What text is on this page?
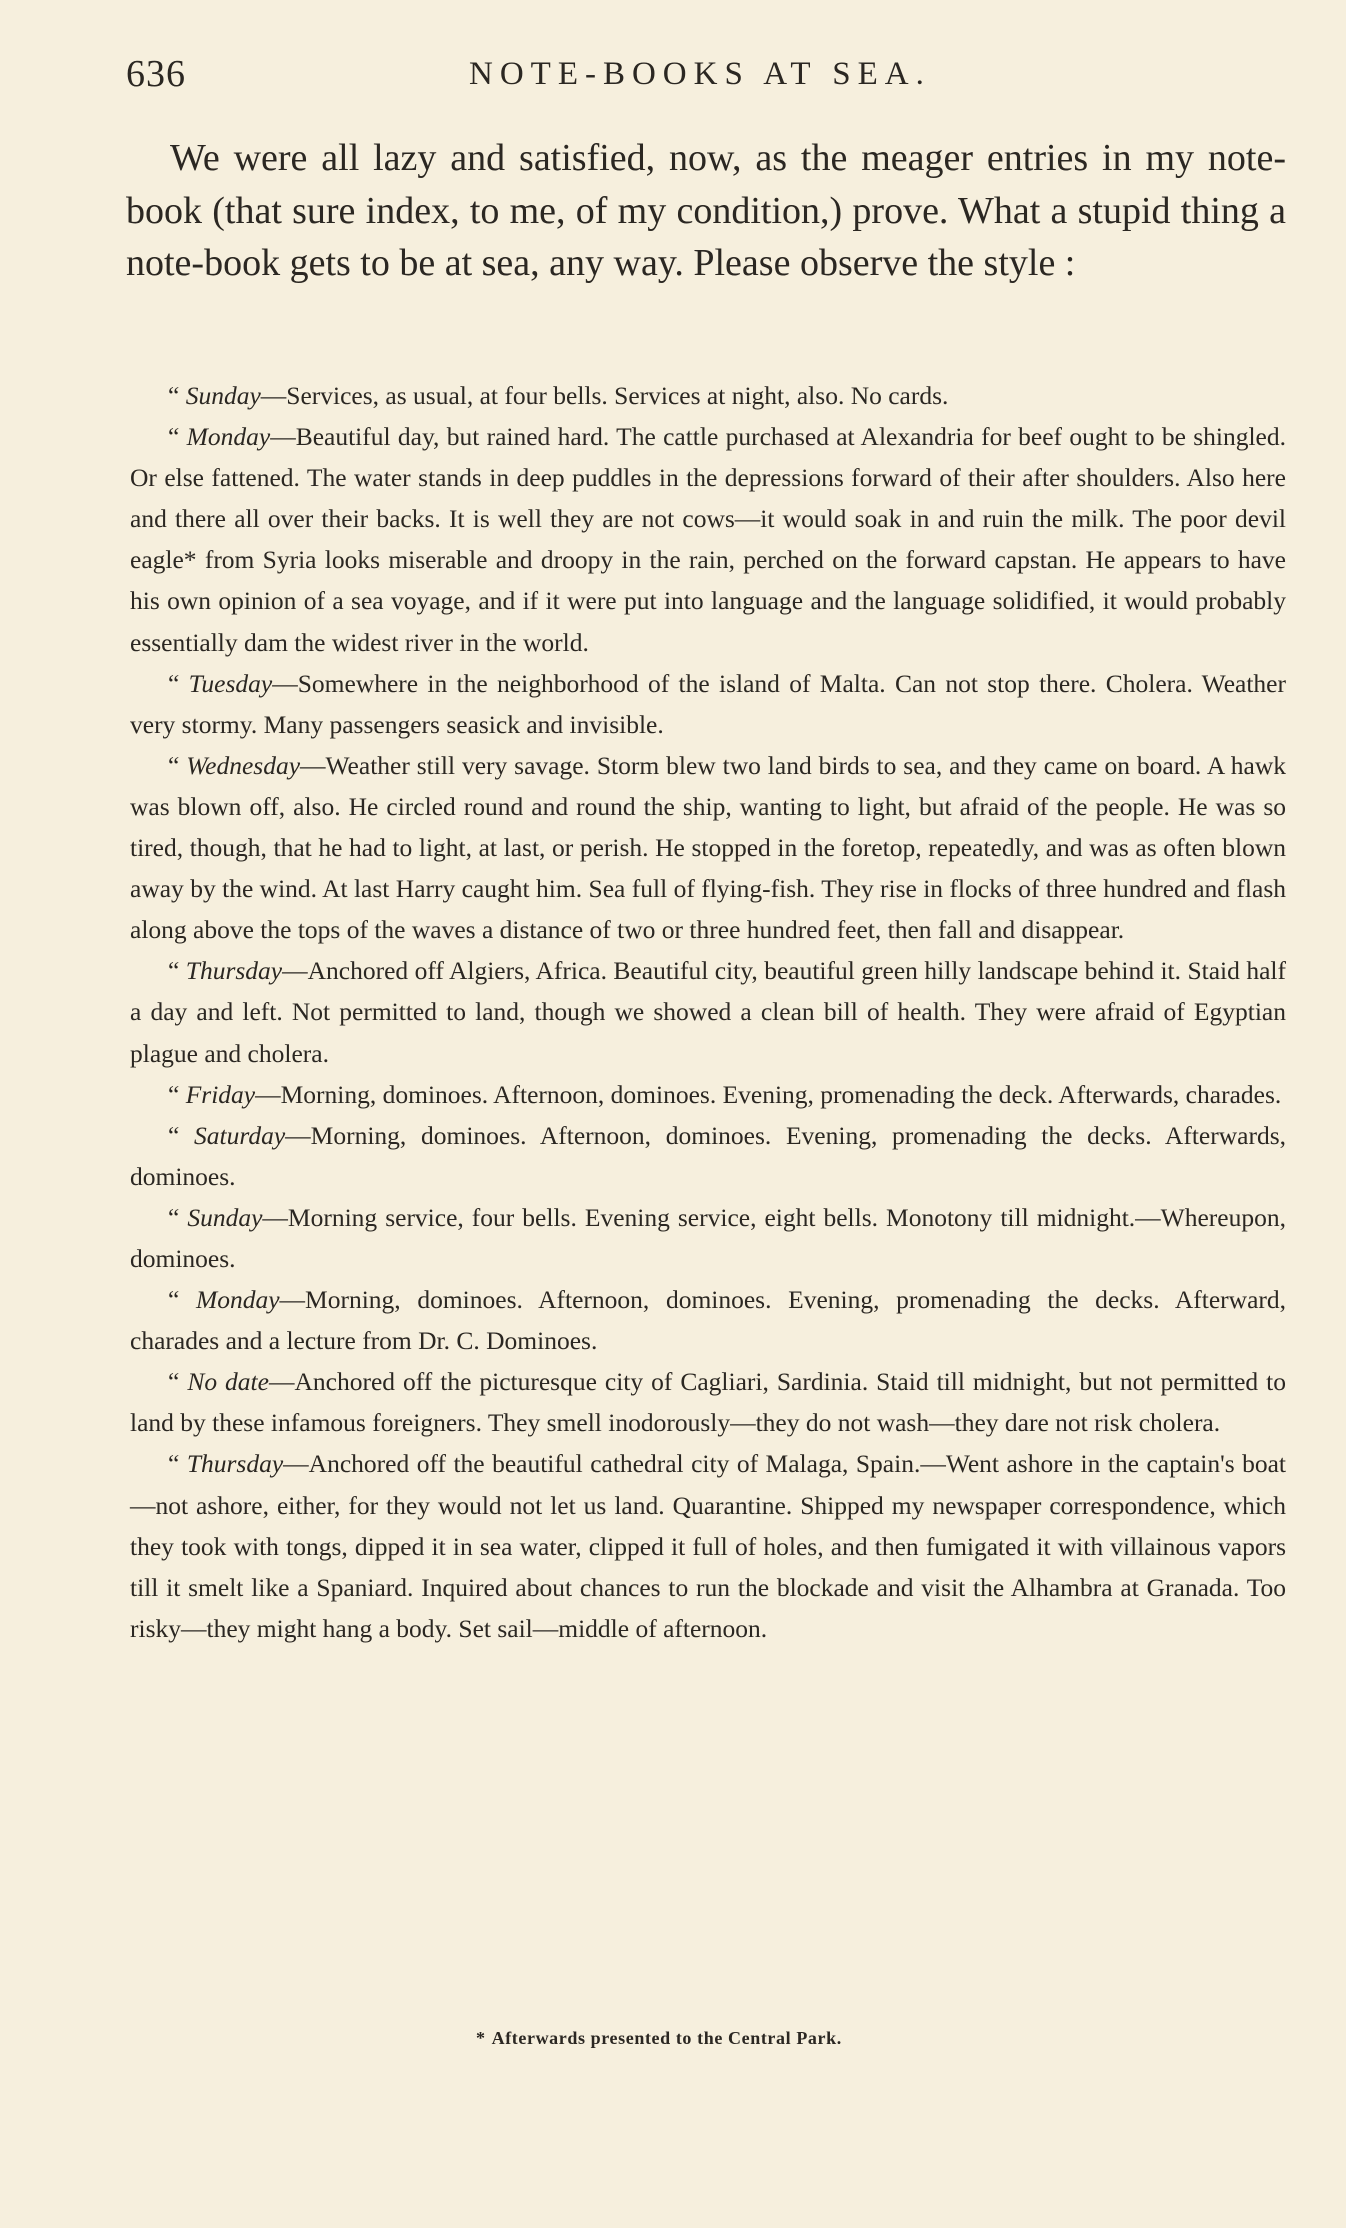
636	NOTE-BOOKS AT SEA.

We were all lazy and satisfied, now, as the meager entries in my note-book (that sure index, to me, of my condition,) prove. What a stupid thing a note-book gets to be at sea, any way. Please observe the style :

“ Sunday—Services, as usual, at four bells. Services at night, also. No cards.

“ Monday—Beautiful day, but rained hard. The cattle purchased at Alexandria for beef ought to be shingled. Or else fattened. The water stands in deep puddles in the depressions forward of their after shoulders. Also here and there all over their backs. It is well they are not cows—it would soak in and ruin the milk. The poor devil eagle* from Syria looks miserable and droopy in the rain, perched on the forward capstan. He appears to have his own opinion of a sea voyage, and if it were put into language and the language solidified, it would probably essentially dam the widest river in the world.

“ Tuesday—Somewhere in the neighborhood of the island of Malta. Can not stop there. Cholera. Weather very stormy. Many passengers seasick and invisible.

“ Wednesday—Weather still very savage. Storm blew two land birds to sea, and they came on board. A hawk was blown off, also. He circled round and round the ship, wanting to light, but afraid of the people. He was so tired, though, that he had to light, at last, or perish. He stopped in the foretop, repeatedly, and was as often blown away by the wind. At last Harry caught him. Sea full of flying-fish. They rise in flocks of three hundred and flash along above the tops of the waves a distance of two or three hundred feet, then fall and disappear.

“ Thursday—Anchored off Algiers, Africa. Beautiful city, beautiful green hilly landscape behind it. Staid half a day and left. Not permitted to land, though we showed a clean bill of health. They were afraid of Egyptian plague and cholera.

“ Friday—Morning, dominoes. Afternoon, dominoes. Evening, promenading the deck. Afterwards, charades.

“ Saturday—Morning, dominoes. Afternoon, dominoes. Evening, promenading the decks. Afterwards, dominoes.

“ Sunday—Morning service, four bells. Evening service, eight bells. Monotony till midnight.—Whereupon, dominoes.

“ Monday—Morning, dominoes. Afternoon, dominoes. Evening, promenading the decks. Afterward, charades and a lecture from Dr. C. Dominoes.

“ No date—Anchored off the picturesque city of Cagliari, Sardinia. Staid till midnight, but not permitted to land by these infamous foreigners. They smell inodorously—they do not wash—they dare not risk cholera.

“ Thursday—Anchored off the beautiful cathedral city of Malaga, Spain.—Went ashore in the captain's boat—not ashore, either, for they would not let us land. Quarantine. Shipped my newspaper correspondence, which they took with tongs, dipped it in sea water, clipped it full of holes, and then fumigated it with villainous vapors till it smelt like a Spaniard. Inquired about chances to run the blockade and visit the Alhambra at Granada. Too risky—they might hang a body. Set sail—middle of afternoon.

* Afterwards presented to the Central Park.
